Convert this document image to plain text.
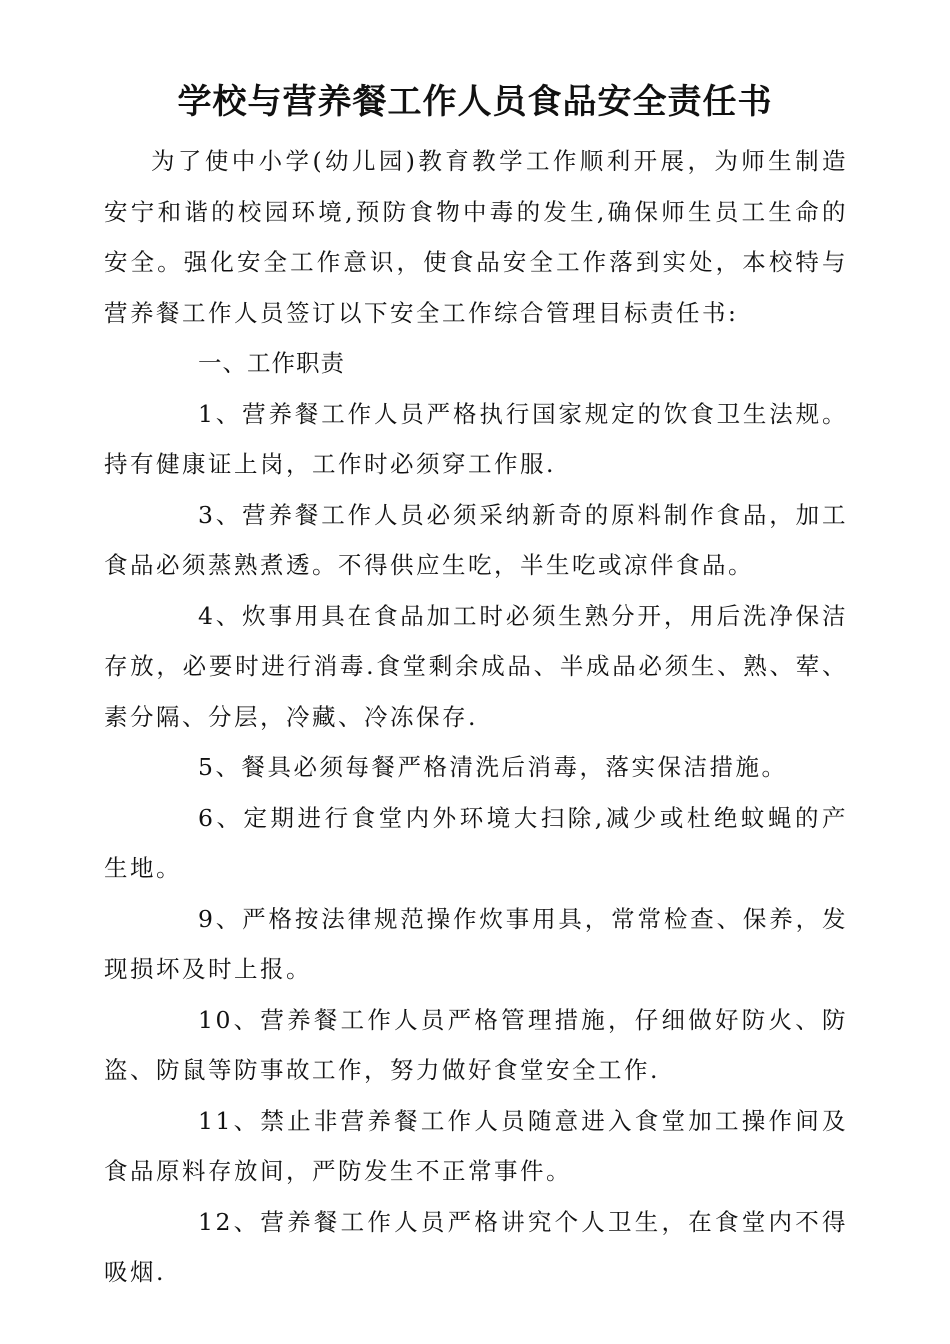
学校与营养餐工作人员食品安全责任书

为了使中小学(幼儿园)教育教学工作顺利开展，为师生制造安宁和谐的校园环境,预防食物中毒的发生,确保师生员工生命的安全。强化安全工作意识，使食品安全工作落到实处，本校特与营养餐工作人员签订以下安全工作综合管理目标责任书:

一、工作职责

1、营养餐工作人员严格执行国家规定的饮食卫生法规。持有健康证上岗，工作时必须穿工作服.

3、营养餐工作人员必须采纳新奇的原料制作食品，加工食品必须蒸熟煮透。不得供应生吃，半生吃或凉伴食品。

4、炊事用具在食品加工时必须生熟分开，用后洗净保洁存放，必要时进行消毒.食堂剩余成品、半成品必须生、熟、荤、素分隔、分层，冷藏、冷冻保存.

5、餐具必须每餐严格清洗后消毒，落实保洁措施。

6、定期进行食堂内外环境大扫除,减少或杜绝蚊蝇的产生地。

9、严格按法律规范操作炊事用具，常常检查、保养，发现损坏及时上报。

10、营养餐工作人员严格管理措施，仔细做好防火、防盗、防鼠等防事故工作，努力做好食堂安全工作.

11、禁止非营养餐工作人员随意进入食堂加工操作间及食品原料存放间，严防发生不正常事件。

12、营养餐工作人员严格讲究个人卫生，在食堂内不得吸烟.
